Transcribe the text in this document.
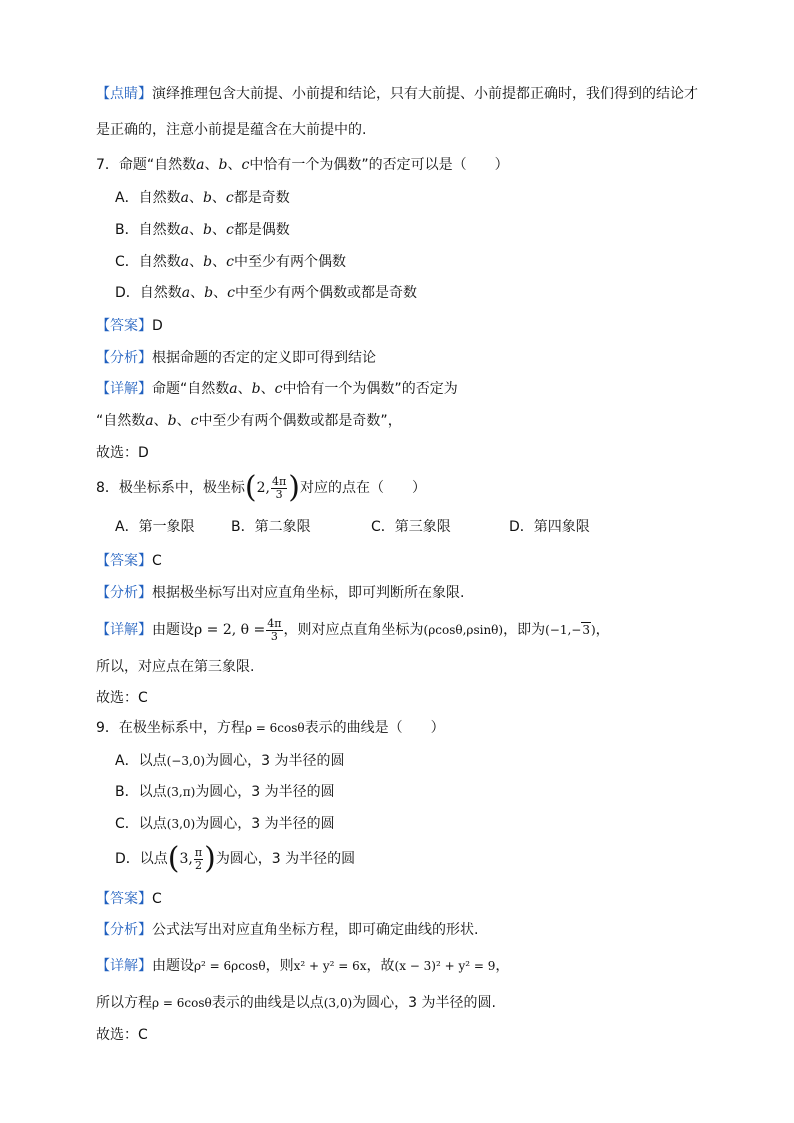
【点睛】演绎推理包含大前提、小前提和结论，只有大前提、小前提都正确时，我们得到的结论才
是正确的，注意小前提是蕴含在大前提中的.
7．命题“自然数a、b、c中恰有一个为偶数”的否定可以是（　　）
A．自然数a、b、c都是奇数
B．自然数a、b、c都是偶数
C．自然数a、b、c中至少有两个偶数
D．自然数a、b、c中至少有两个偶数或都是奇数
【答案】D
【分析】根据命题的否定的定义即可得到结论
【详解】命题“自然数a、b、c中恰有一个为偶数”的否定为
“自然数a、b、c中至少有两个偶数或都是奇数”，
故选：D
8．极坐标系中，极坐标(2, $\frac{4\pi}{3}$ )对应的点在（　　）
A．第一象限	B．第二象限	C．第三象限	D．第四象限
【答案】C
【分析】根据极坐标写出对应直角坐标，即可判断所在象限.
【详解】由题设ρ = 2, $\theta = \frac{4\pi}{3}$ ，则对应点直角坐标为(ρcosθ,ρsinθ)，即为(−1,−3)，
所以，对应点在第三象限.
故选：C
9．在极坐标系中，方程ρ = 6cosθ表示的曲线是（　　）
A．以点(−3,0)为圆心，3 为半径的圆
B．以点(3,π)为圆心，3 为半径的圆
C．以点(3,0)为圆心，3 为半径的圆
D．以点(3, $\frac{\pi}{2}$ )为圆心，3 为半径的圆
【答案】C
【分析】公式法写出对应直角坐标方程，即可确定曲线的形状.
【详解】由题设ρ² = 6ρcosθ，则x² + y² = 6x，故(x − 3)² + y² = 9，
所以方程ρ = 6cosθ表示的曲线是以点(3,0)为圆心，3 为半径的圆.
故选：C
